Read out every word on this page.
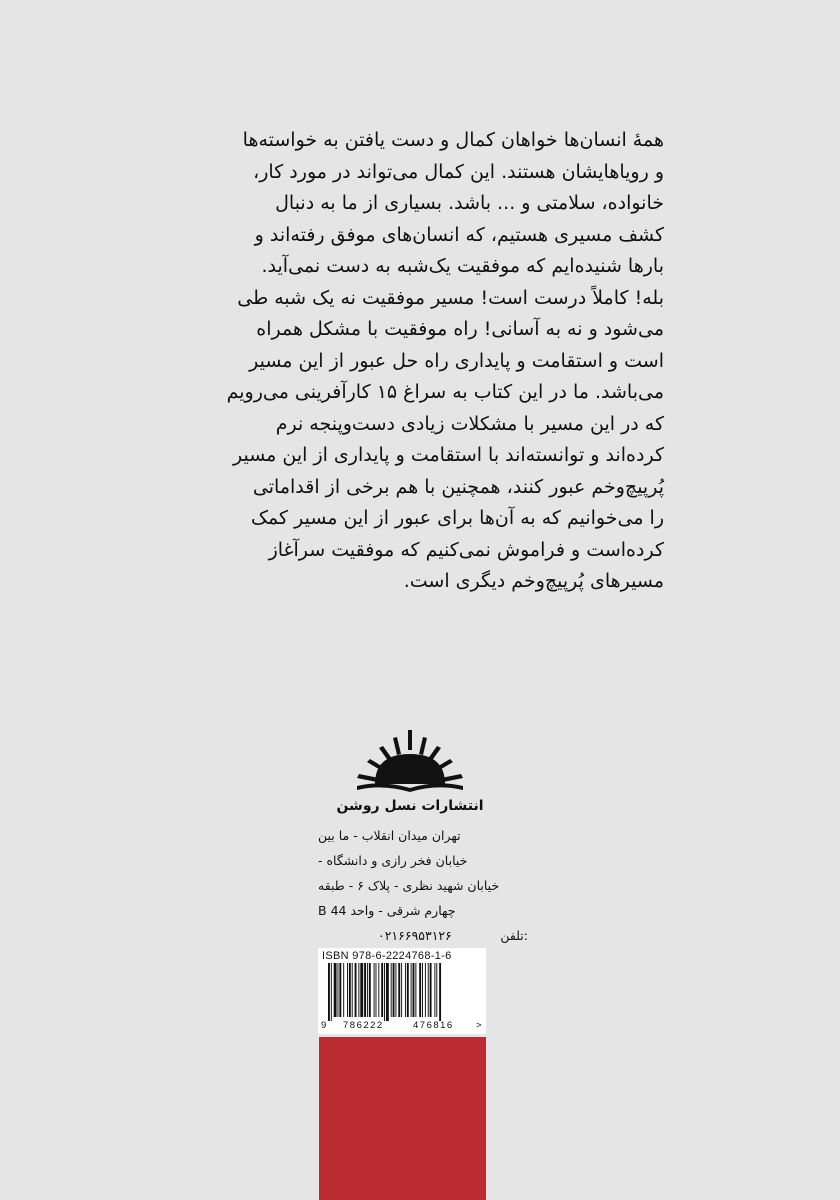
همهٔ انسان‌ها خواهان کمال و دست یافتن به خواسته‌ها
و رویاهایشان هستند. این کمال می‌تواند در مورد کار،
خانواده، سلامتی و ... باشد. بسیاری از ما به دنبال
کشف مسیری هستیم، که انسان‌های موفق رفته‌اند و
بارها شنیده‌ایم که موفقیت یک‌شبه به دست نمی‌آید.
بله! کاملاً درست است! مسیر موفقیت نه یک شبه طی
می‌شود و نه به آسانی! راه موفقیت با مشکل همراه
است و استقامت و پایداری راه حل عبور از این مسیر
می‌باشد. ما در این کتاب به سراغ ۱۵ کارآفرینی می‌رویم
که در این مسیر با مشکلات زیادی دست‌وپنجه نرم
کرده‌اند و توانسته‌اند با استقامت و پایداری از این مسیر
پُرپیچ‌وخم عبور کنند، همچنین با هم برخی از اقداماتی
را می‌خوانیم که به آن‌ها برای عبور از این مسیر کمک
کرده‌است و فراموش نمی‌کنیم که موفقیت سرآغاز
مسیرهای پُرپیچ‌وخم دیگری است.
انتشارات نسل روشن
تهران میدان انقلاب - ما بین
خیابان فخر رازی و دانشگاه -
خیابان شهید نظری - پلاک ۶ - طبقه
چهارم شرقی - واحد 44 B
۰۲۱۶۶۹۵۳۱۲۶	تلفن:
ISBN 978-6-2224768-1-6
9 786222	476816 >
